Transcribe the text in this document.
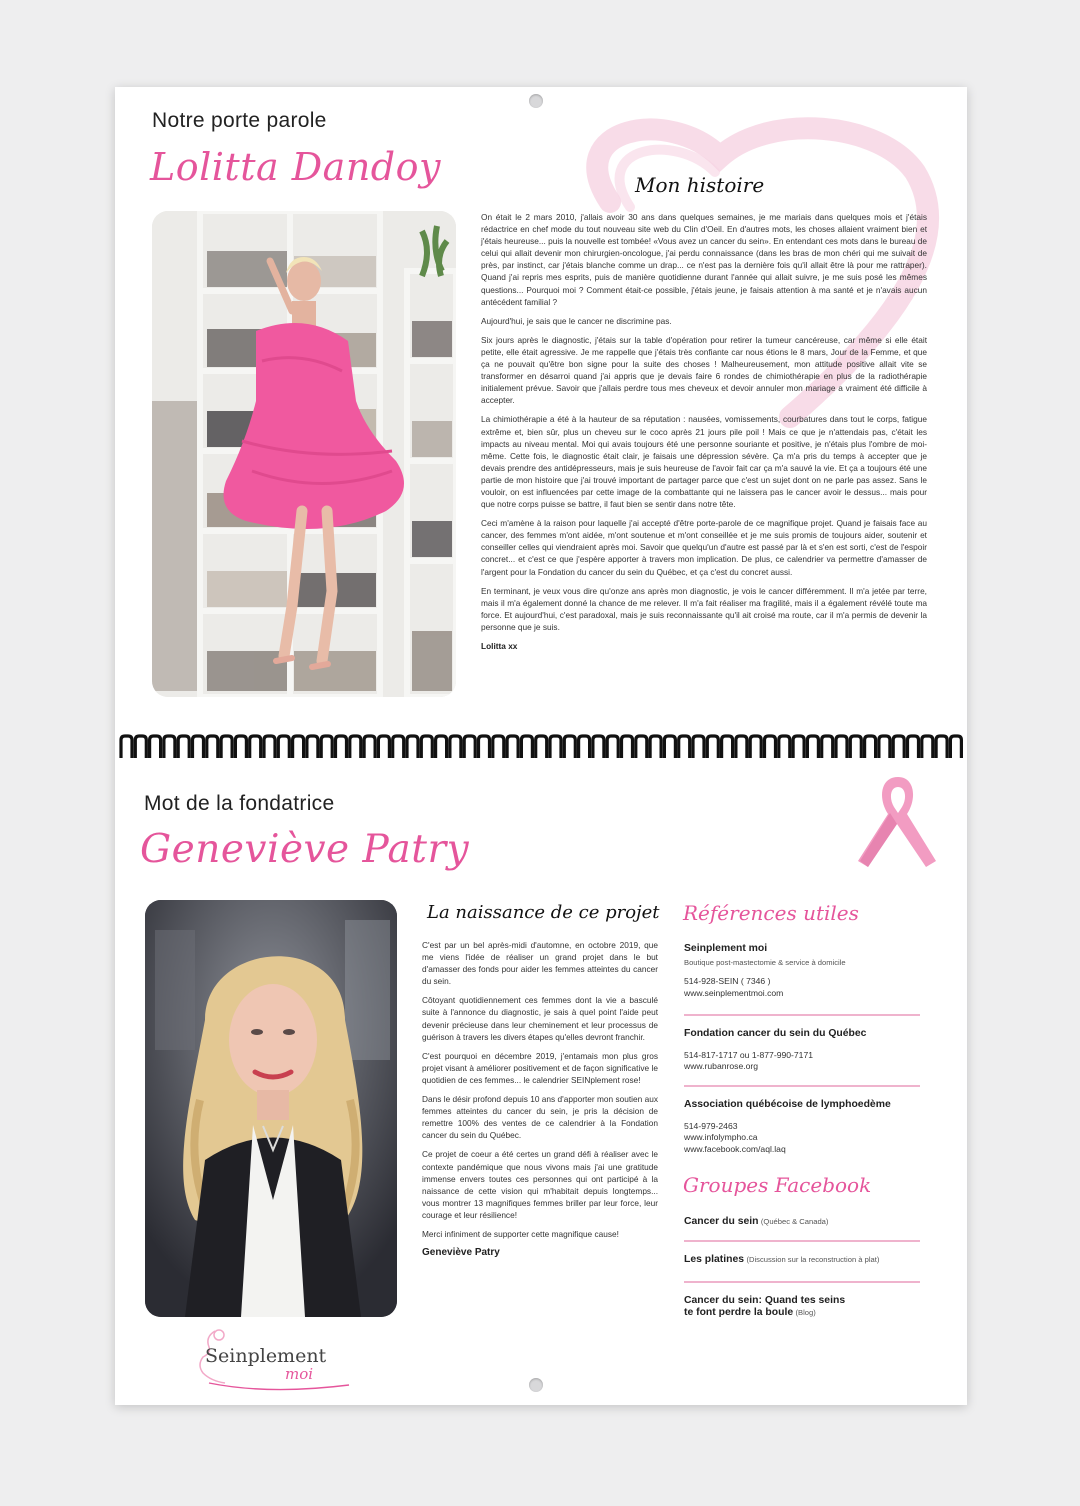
Notre porte parole
Lolitta Dandoy	Mon histoire

On était le 2 mars 2010, j'allais avoir 30 ans dans quelques semaines, je me mariais dans quelques mois et j'étais rédactrice en chef mode du tout nouveau site web du Clin d'Oeil. En d'autres mots, les choses allaient vraiment bien et j'étais heureuse... puis la nouvelle est tombée! «Vous avez un cancer du sein». En entendant ces mots dans le bureau de celui qui allait devenir mon chirurgien-oncologue, j'ai perdu connaissance (dans les bras de mon chéri qui me suivait de près, par instinct, car j'étais blanche comme un drap... ce n'est pas la dernière fois qu'il allait être là pour me rattraper). Quand j'ai repris mes esprits, puis de manière quotidienne durant l'année qui allait suivre, je me suis posé les mêmes questions... Pourquoi moi ? Comment était-ce possible, j'étais jeune, je faisais attention à ma santé et je n'avais aucun antécédent familial ?

Aujourd'hui, je sais que le cancer ne discrimine pas.

Six jours après le diagnostic, j'étais sur la table d'opération pour retirer la tumeur cancéreuse, car même si elle était petite, elle était agressive. Je me rappelle que j'étais très confiante car nous étions le 8 mars, Jour de la Femme, et que ça ne pouvait qu'être bon signe pour la suite des choses ! Malheureusement, mon attitude positive allait vite se transformer en désarroi quand j'ai appris que je devais faire 6 rondes de chimiothérapie en plus de la radiothérapie initialement prévue. Savoir que j'allais perdre tous mes cheveux et devoir annuler mon mariage a vraiment été difficile à accepter.

La chimiothérapie a été à la hauteur de sa réputation : nausées, vomissements, courbatures dans tout le corps, fatigue extrême et, bien sûr, plus un cheveu sur le coco après 21 jours pile poil ! Mais ce que je n'attendais pas, c'était les impacts au niveau mental. Moi qui avais toujours été une personne souriante et positive, je n'étais plus l'ombre de moi-même. Cette fois, le diagnostic était clair, je faisais une dépression sévère. Ça m'a pris du temps à accepter que je devais prendre des antidépresseurs, mais je suis heureuse de l'avoir fait car ça m'a sauvé la vie. Et ça a toujours été une partie de mon histoire que j'ai trouvé important de partager parce que c'est un sujet dont on ne parle pas assez. Sans le vouloir, on est influencées par cette image de la combattante qui ne laissera pas le cancer avoir le dessus... mais pour que notre corps puisse se battre, il faut bien se sentir dans notre tête.

Ceci m'amène à la raison pour laquelle j'ai accepté d'être porte-parole de ce magnifique projet. Quand je faisais face au cancer, des femmes m'ont aidée, m'ont soutenue et m'ont conseillée et je me suis promis de toujours aider, soutenir et conseiller celles qui viendraient après moi. Savoir que quelqu'un d'autre est passé par là et s'en est sorti, c'est de l'espoir concret... et c'est ce que j'espère apporter à travers mon implication. De plus, ce calendrier va permettre d'amasser de l'argent pour la Fondation du cancer du sein du Québec, et ça c'est du concret aussi.

En terminant, je veux vous dire qu'onze ans après mon diagnostic, je vois le cancer différemment. Il m'a jetée par terre, mais il m'a également donné la chance de me relever. Il m'a fait réaliser ma fragilité, mais il a également révélé toute ma force. Et aujourd'hui, c'est paradoxal, mais je suis reconnaissante qu'il ait croisé ma route, car il m'a permis de devenir la personne que je suis.

Lolitta xx

Mot de la fondatrice
Geneviève Patry
La naissance de ce projet

C'est par un bel après-midi d'automne, en octobre 2019, que me viens l'idée de réaliser un grand projet dans le but d'amasser des fonds pour aider les femmes atteintes du cancer du sein.

Côtoyant quotidiennement ces femmes dont la vie a basculé suite à l'annonce du diagnostic, je sais à quel point l'aide peut devenir précieuse dans leur cheminement et leur processus de guérison à travers les divers étapes qu'elles devront franchir.

C'est pourquoi en décembre 2019, j'entamais mon plus gros projet visant à améliorer positivement et de façon significative le quotidien de ces femmes... le calendrier SEINplement rose!

Dans le désir profond depuis 10 ans d'apporter mon soutien aux femmes atteintes du cancer du sein, je pris la décision de remettre 100% des ventes de ce calendrier à la Fondation cancer du sein du Québec.

Ce projet de coeur a été certes un grand défi à réaliser avec le contexte pandémique que nous vivons mais j'ai une gratitude immense envers toutes ces personnes qui ont participé à la naissance de cette vision qui m'habitait depuis longtemps... vous montrer 13 magnifiques femmes briller par leur force, leur courage et leur résilience!

Merci infiniment de supporter cette magnifique cause!

Geneviève Patry

Références utiles
Seinplement moi
Boutique post-mastectomie & service à domicile
514-928-SEIN ( 7346 )
www.seinplementmoi.com
Fondation cancer du sein du Québec
514-817-1717 ou 1-877-990-7171
www.rubanrose.org
Association québécoise de lymphoedème
514-979-2463
www.infolympho.ca
www.facebook.com/aql.laq
Groupes Facebook
Cancer du sein (Québec & Canada)
Les platines (Discussion sur la reconstruction à plat)
Cancer du sein: Quand tes seins
te font perdre la boule (Blog)
Seinplement
moi
